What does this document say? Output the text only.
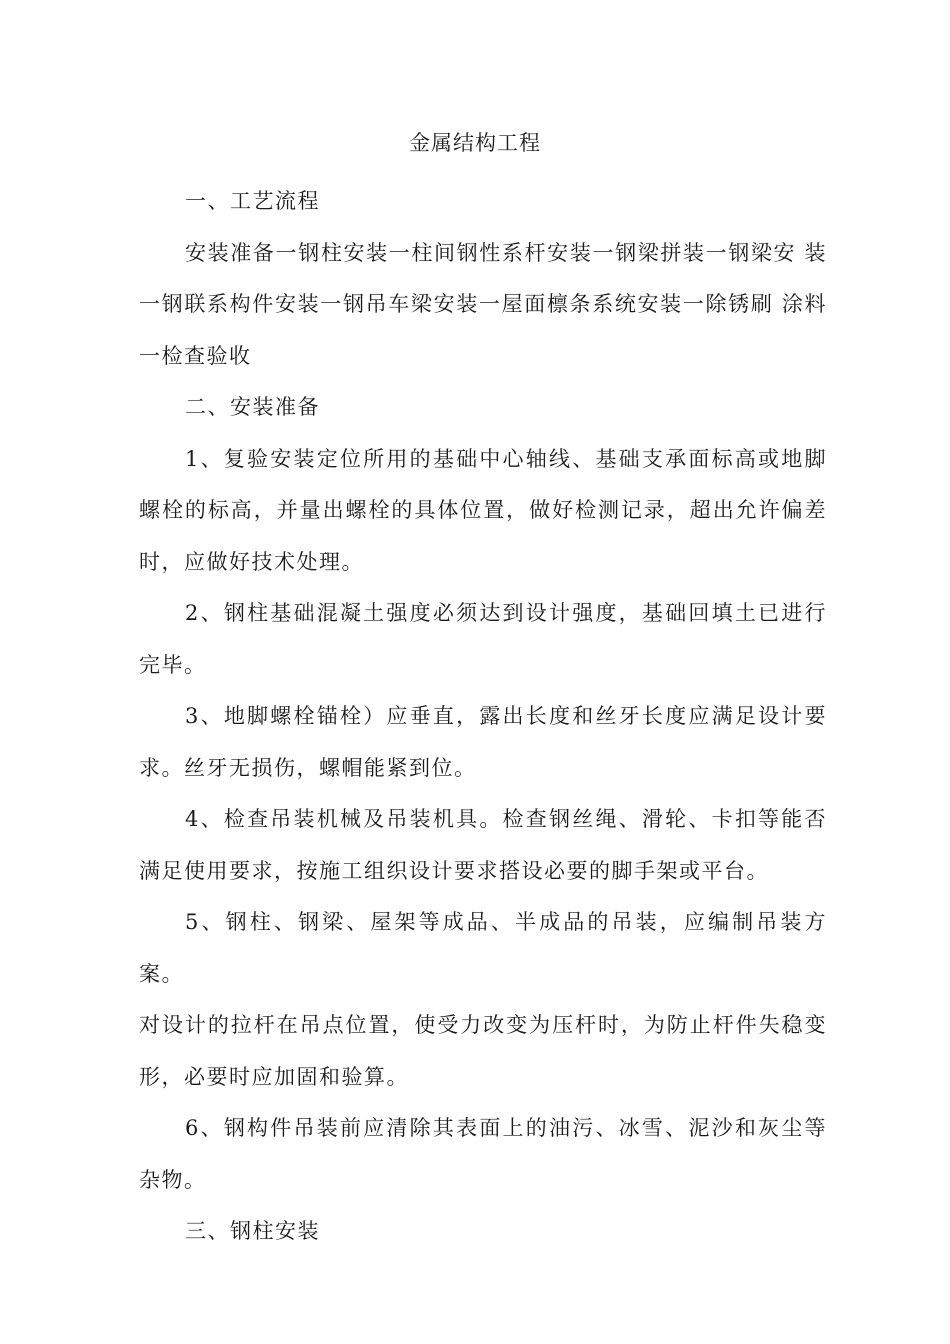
金属结构工程

一、工艺流程

安装准备一钢柱安装一柱间钢性系杆安装一钢梁拼装一钢梁安 装一钢联系构件安装一钢吊车梁安装一屋面檩条系统安装一除锈刷 涂料一检查验收

二、安装准备

1、复验安装定位所用的基础中心轴线、基础支承面标高或地脚 螺栓的标高，并量出螺栓的具体位置，做好检测记录，超出允许偏差 时，应做好技术处理。

2、钢柱基础混凝土强度必须达到设计强度，基础回填土已进行 完毕。

3、地脚螺栓锚栓）应垂直，露出长度和丝牙长度应满足设计要求。丝牙无损伤，螺帽能紧到位。

4、检查吊装机械及吊装机具。检查钢丝绳、滑轮、卡扣等能否 满足使用要求，按施工组织设计要求搭设必要的脚手架或平台。

5、钢柱、钢梁、屋架等成品、半成品的吊装，应编制吊装方案。

对设计的拉杆在吊点位置，使受力改变为压杆时，为防止杆件失稳变形，必要时应加固和验算。

6、钢构件吊装前应清除其表面上的油污、冰雪、泥沙和灰尘等 杂物。

三、钢柱安装
